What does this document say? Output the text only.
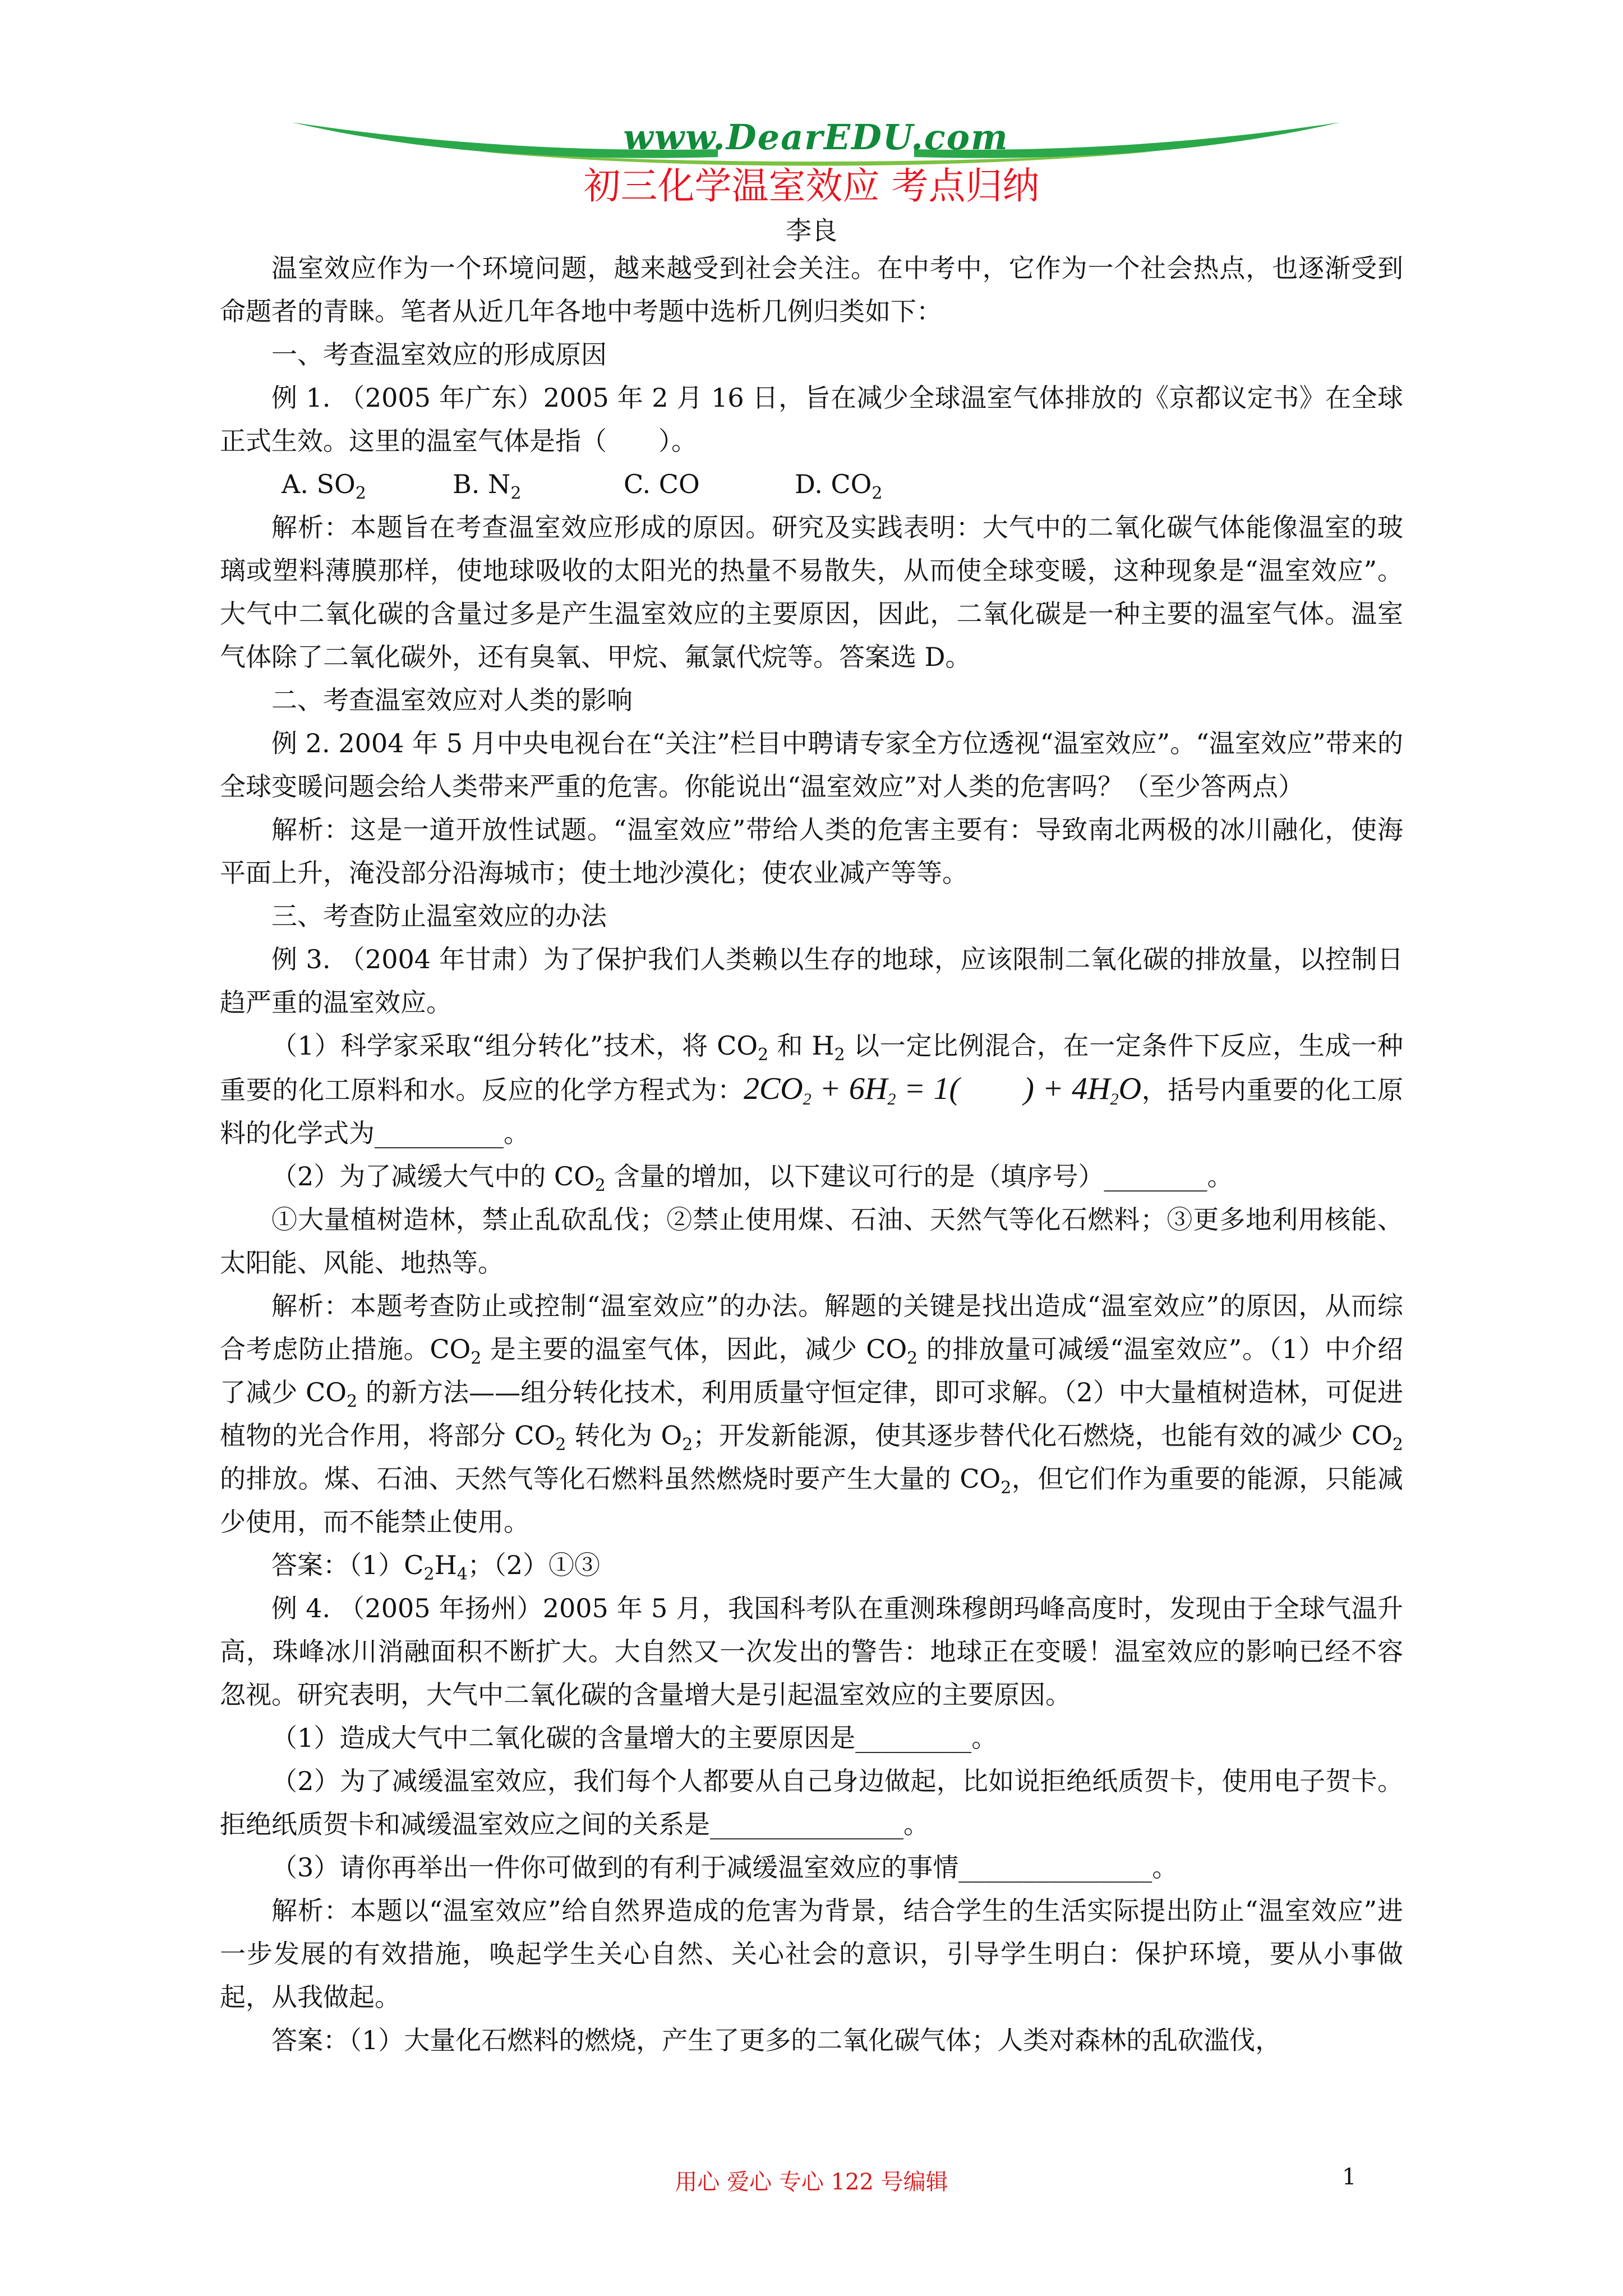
www.DearEDU.com
初三化学温室效应 考点归纳
李良

温室效应作为一个环境问题，越来越受到社会关注。在中考中，它作为一个社会热点，也逐渐受到命题者的青睐。笔者从近几年各地中考题中选析几例归类如下：

一、考查温室效应的形成原因

例 1. （2005 年广东）2005 年 2 月 16 日，旨在减少全球温室气体排放的《京都议定书》在全球正式生效。这里的温室气体是指（　　）。

A. $SO_2$	B. $N_2$	C. CO	D. $CO_2$

解析：本题旨在考查温室效应形成的原因。研究及实践表明：大气中的二氧化碳气体能像温室的玻璃或塑料薄膜那样，使地球吸收的太阳光的热量不易散失，从而使全球变暖，这种现象是“温室效应”。大气中二氧化碳的含量过多是产生温室效应的主要原因，因此，二氧化碳是一种主要的温室气体。温室气体除了二氧化碳外，还有臭氧、甲烷、氟氯代烷等。答案选 D。

二、考查温室效应对人类的影响

例 2. 2004 年 5 月中央电视台在“关注”栏目中聘请专家全方位透视“温室效应”。“温室效应”带来的全球变暖问题会给人类带来严重的危害。你能说出“温室效应”对人类的危害吗？（至少答两点）

解析：这是一道开放性试题。“温室效应”带给人类的危害主要有：导致南北两极的冰川融化，使海平面上升，淹没部分沿海城市；使土地沙漠化；使农业减产等等。

三、考查防止温室效应的办法

例 3. （2004 年甘肃）为了保护我们人类赖以生存的地球，应该限制二氧化碳的排放量，以控制日趋严重的温室效应。

（1）科学家采取“组分转化”技术，将 $CO_2$ 和 $H_2$ 以一定比例混合，在一定条件下反应，生成一种重要的化工原料和水。反应的化学方程式为：$2CO_2 + 6H_2 = 1$(　　) + $4H_2O$，括号内重要的化工原料的化学式为__________。

（2）为了减缓大气中的 $CO_2$ 含量的增加，以下建议可行的是（填序号）________。

①大量植树造林，禁止乱砍乱伐；②禁止使用煤、石油、天然气等化石燃料；③更多地利用核能、太阳能、风能、地热等。

解析：本题考查防止或控制“温室效应”的办法。解题的关键是找出造成“温室效应”的原因，从而综合考虑防止措施。$CO_2$ 是主要的温室气体，因此，减少 $CO_2$ 的排放量可减缓“温室效应”。（1）中介绍了减少 $CO_2$ 的新方法——组分转化技术，利用质量守恒定律，即可求解。（2）中大量植树造林，可促进植物的光合作用，将部分 $CO_2$ 转化为 $O_2$；开发新能源，使其逐步替代化石燃烧，也能有效的减少 $CO_2$ 的排放。煤、石油、天然气等化石燃料虽然燃烧时要产生大量的 $CO_2$，但它们作为重要的能源，只能减少使用，而不能禁止使用。

答案：$(1)C_2H_4$；（2）①③

例 4. （2005 年扬州）2005 年 5 月，我国科考队在重测珠穆朗玛峰高度时，发现由于全球气温升高，珠峰冰川消融面积不断扩大。大自然又一次发出的警告：地球正在变暖！温室效应的影响已经不容忽视。研究表明，大气中二氧化碳的含量增大是引起温室效应的主要原因。

（1）造成大气中二氧化碳的含量增大的主要原因是_________。

（2）为了减缓温室效应，我们每个人都要从自己身边做起，比如说拒绝纸质贺卡，使用电子贺卡。拒绝纸质贺卡和减缓温室效应之间的关系是_______________。

（3）请你再举出一件你可做到的有利于减缓温室效应的事情_______________。

解析：本题以“温室效应”给自然界造成的危害为背景，结合学生的生活实际提出防止“温室效应”进一步发展的有效措施，唤起学生关心自然、关心社会的意识，引导学生明白：保护环境，要从小事做起，从我做起。

答案：（1）大量化石燃料的燃烧，产生了更多的二氧化碳气体；人类对森林的乱砍滥伐，

用心 爱心 专心 122 号编辑	1
